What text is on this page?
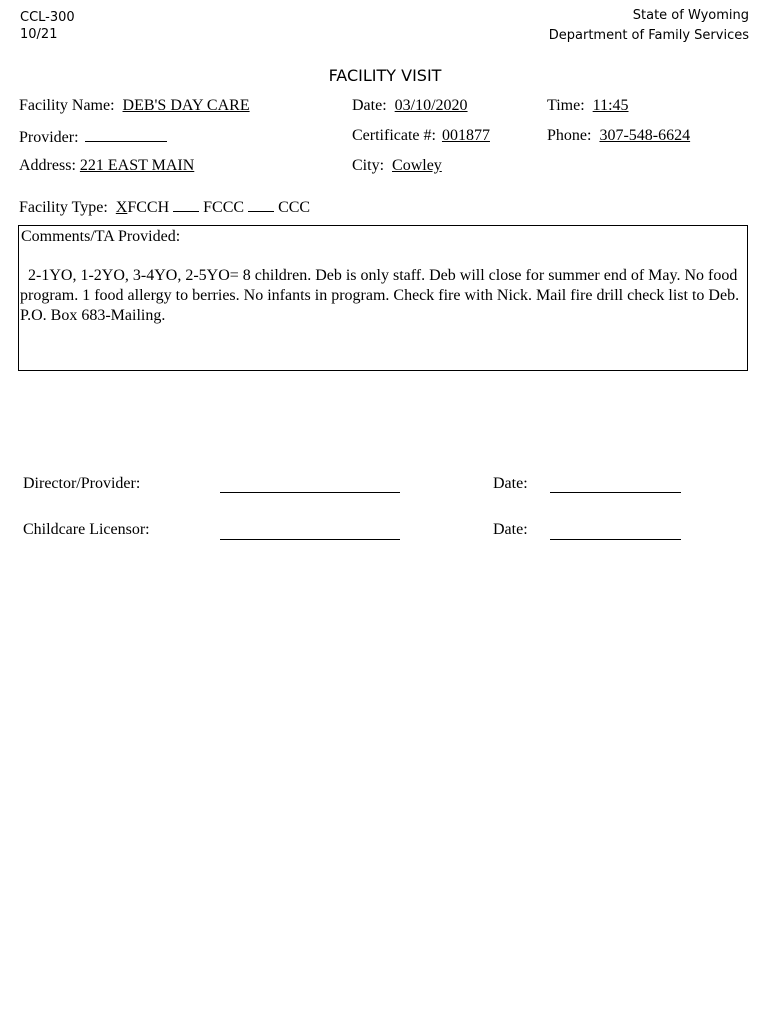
CCL-300
10/21
State of Wyoming
Department of Family Services
FACILITY VISIT
Facility Name: DEB'S DAY CARE	Date: 03/10/2020	Time: 11:45
Provider:	Certificate #: 001877	Phone: 307-548-6624
Address: 221 EAST MAIN	City: Cowley
Facility Type: XFCCH FCCC CCC
Comments/TA Provided:
2-1YO, 1-2YO, 3-4YO, 2-5YO= 8 children. Deb is only staff. Deb will close for summer end of May. No food program. 1 food allergy to berries. No infants in program. Check fire with Nick. Mail fire drill check list to Deb. P.O. Box 683-Mailing.
Director/Provider:	Date:
Childcare Licensor:	Date:
